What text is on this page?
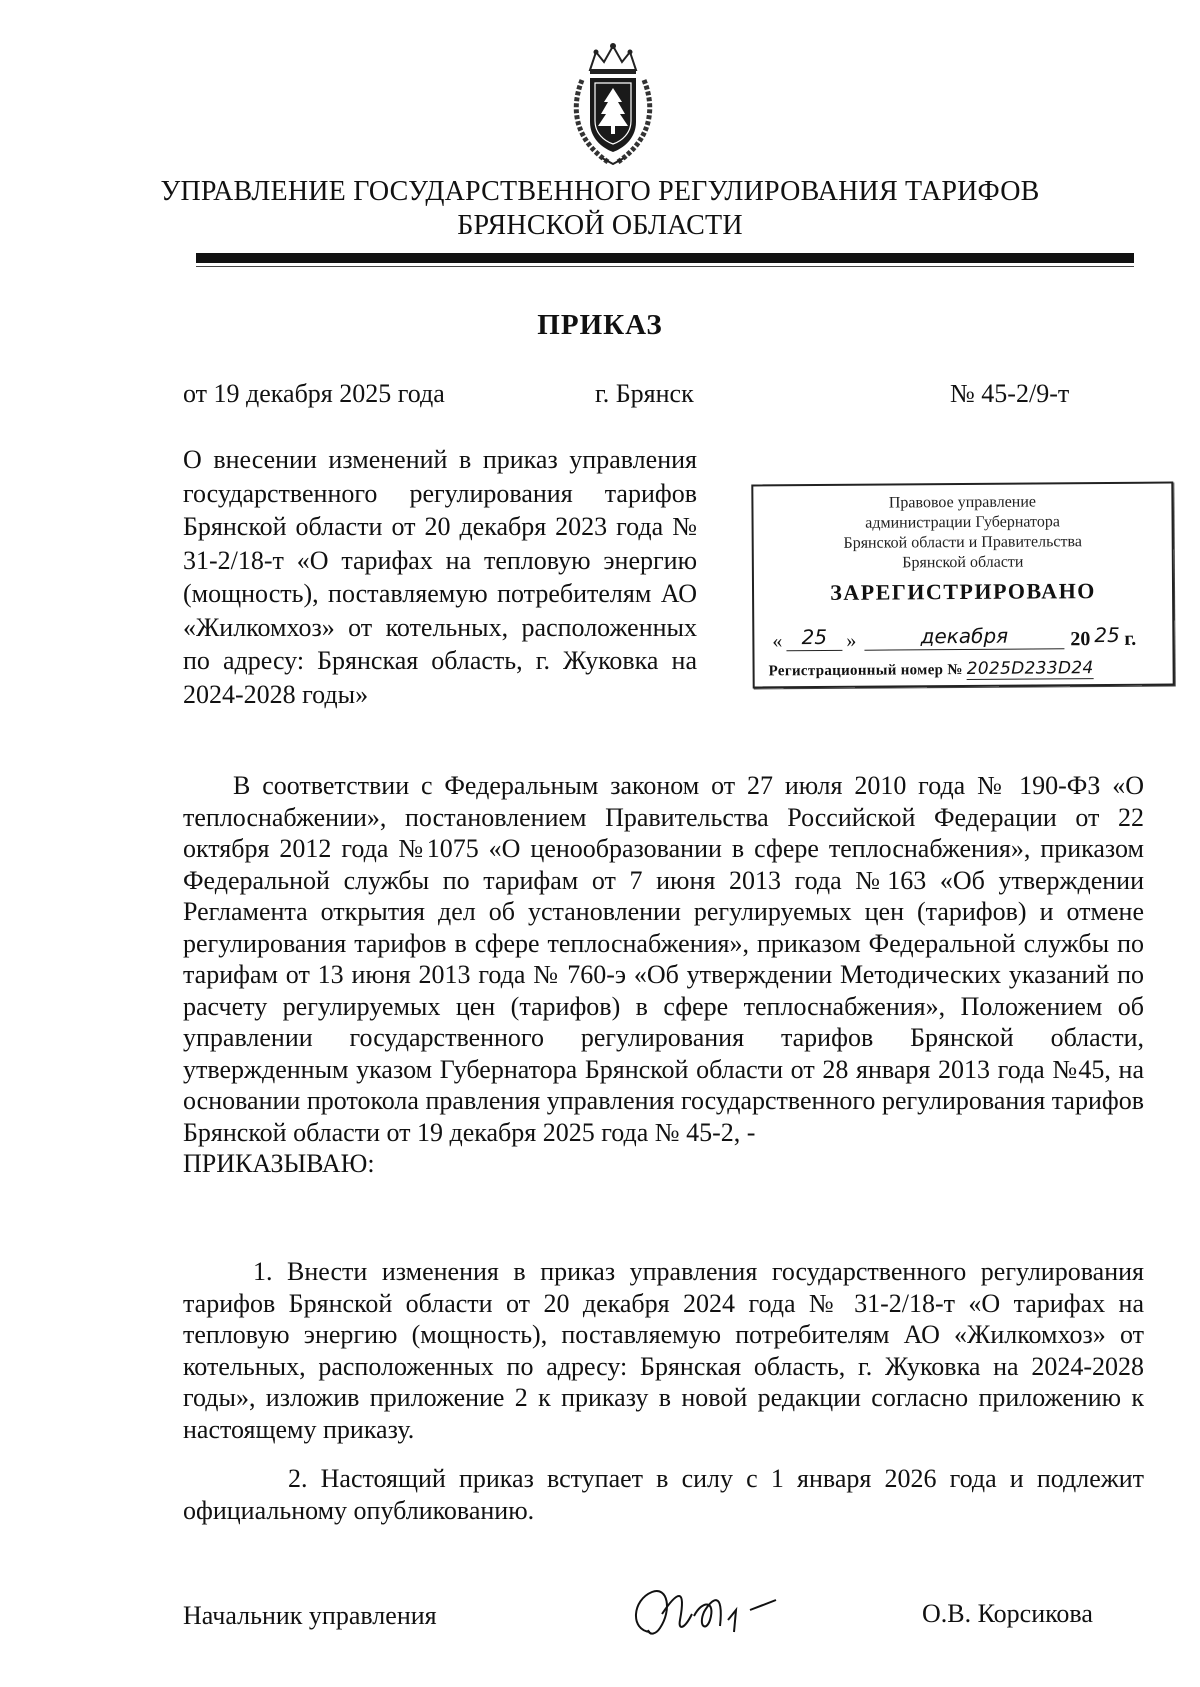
УПРАВЛЕНИЕ ГОСУДАРСТВЕННОГО РЕГУЛИРОВАНИЯ ТАРИФОВ
БРЯНСКОЙ ОБЛАСТИ
ПРИКАЗ
от 19 декабря 2025 года	г. Брянск	№ 45-2/9-т
О внесении изменений в приказ управления государственного регулирования тарифов Брянской области от 20 декабря 2023 года № 31-2/18-т «О тарифах на тепловую энергию (мощность), поставляемую потребителям АО «Жилкомхоз» от котельных, расположенных по адресу: Брянская область, г. Жуковка на 2024-2028 годы»
Правовое управление
администрации Губернатора
Брянской области и Правительства
Брянской области
ЗАРЕГИСТРИРОВАНО
« 25 »	декабря	20 25 г.
Регистрационный номер № 2025D233D24
В соответствии с Федеральным законом от 27 июля 2010 года № 190-ФЗ «О теплоснабжении», постановлением Правительства Российской Федерации от 22 октября 2012 года №1075 «О ценообразовании в сфере теплоснабжения», приказом Федеральной службы по тарифам от 7 июня 2013 года №163 «Об утверждении Регламента открытия дел об установлении регулируемых цен (тарифов) и отмене регулирования тарифов в сфере теплоснабжения», приказом Федеральной службы по тарифам от 13 июня 2013 года № 760-э «Об утверждении Методических указаний по расчету регулируемых цен (тарифов) в сфере теплоснабжения», Положением об управлении государственного регулирования тарифов Брянской области, утвержденным указом Губернатора Брянской области от 28 января 2013 года №45, на основании протокола правления управления государственного регулирования тарифов Брянской области от 19 декабря 2025 года № 45-2, -
ПРИКАЗЫВАЮ:
1. Внести изменения в приказ управления государственного регулирования тарифов Брянской области от 20 декабря 2024 года № 31-2/18-т «О тарифах на тепловую энергию (мощность), поставляемую потребителям АО «Жилкомхоз» от котельных, расположенных по адресу: Брянская область, г. Жуковка на 2024-2028 годы», изложив приложение 2 к приказу в новой редакции согласно приложению к настоящему приказу.
2. Настоящий приказ вступает в силу с 1 января 2026 года и подлежит официальному опубликованию.
Начальник управления	О.В. Корсикова
